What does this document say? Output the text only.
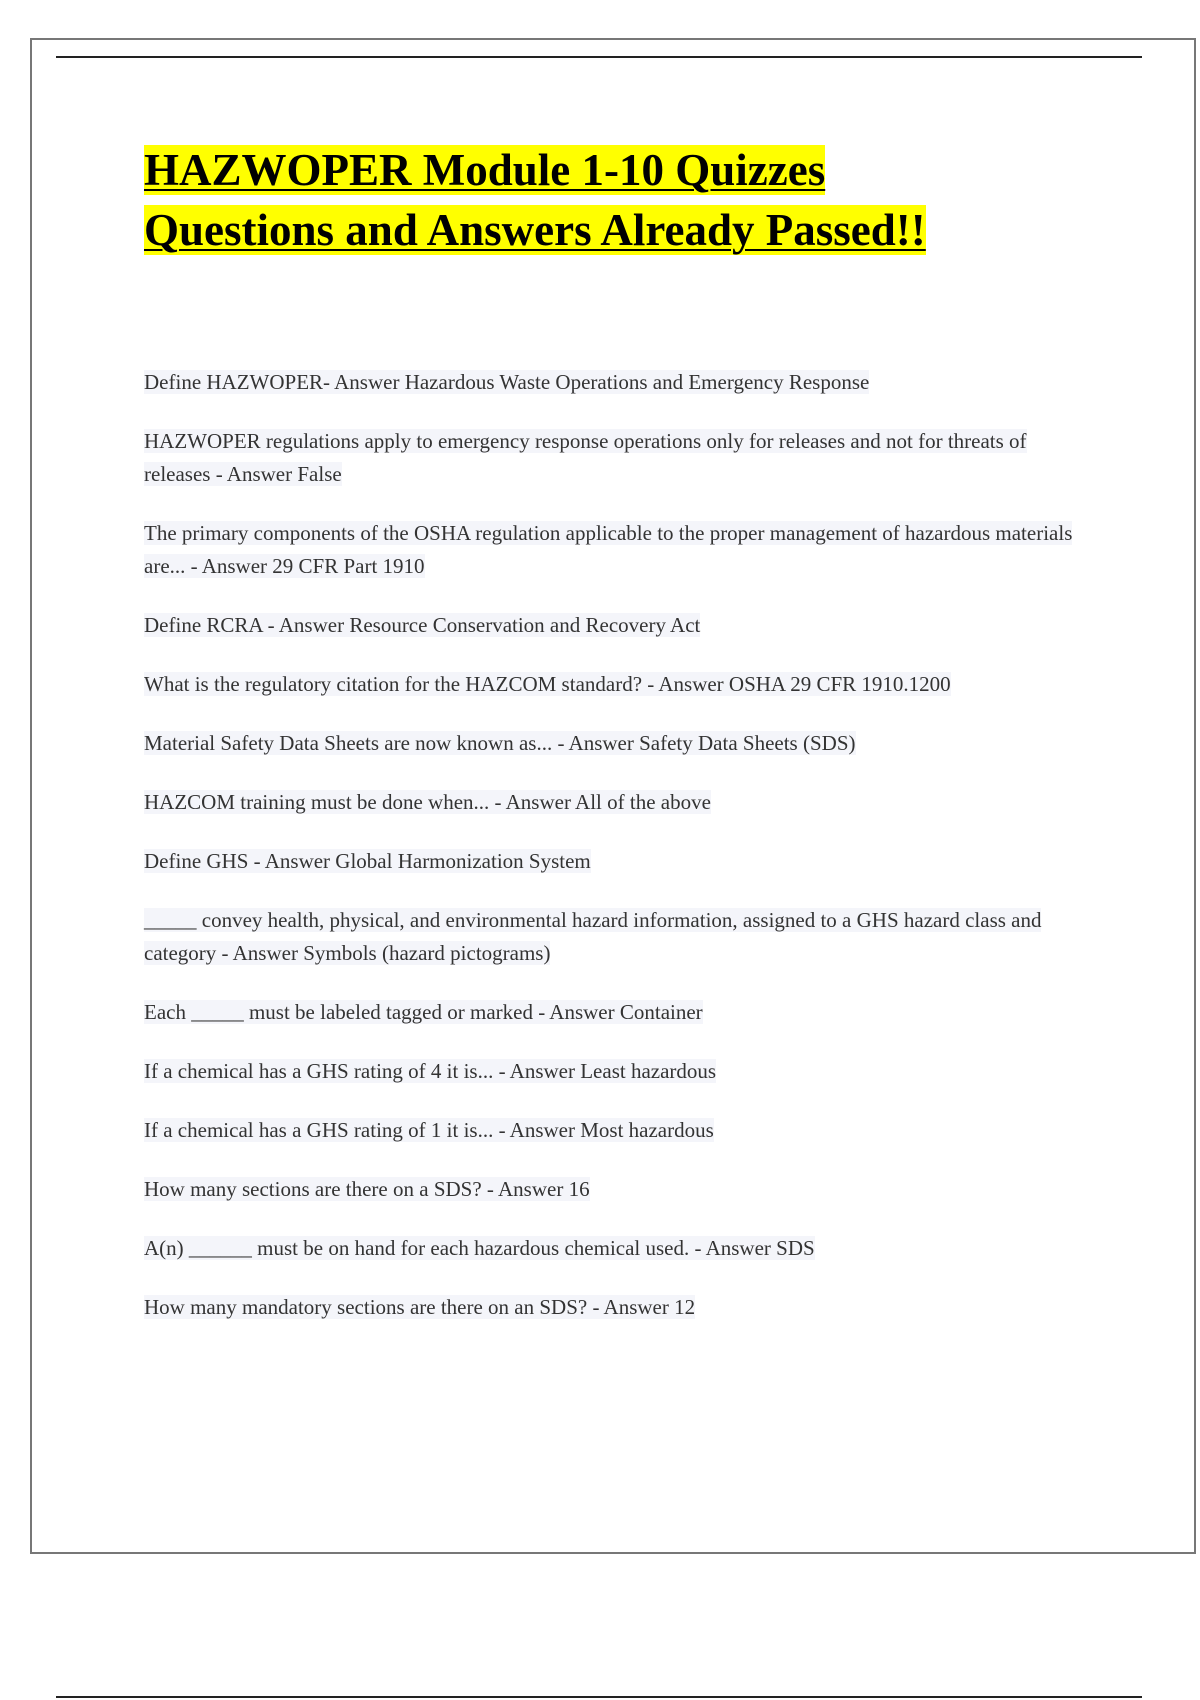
HAZWOPER Module 1-10 Quizzes
Questions and Answers Already Passed!!
Define HAZWOPER- Answer Hazardous Waste Operations and Emergency Response
HAZWOPER regulations apply to emergency response operations only for releases and not for threats of releases - Answer False
The primary components of the OSHA regulation applicable to the proper management of hazardous materials are... - Answer 29 CFR Part 1910
Define RCRA - Answer Resource Conservation and Recovery Act
What is the regulatory citation for the HAZCOM standard? - Answer OSHA 29 CFR 1910.1200
Material Safety Data Sheets are now known as... - Answer Safety Data Sheets (SDS)
HAZCOM training must be done when... - Answer All of the above
Define GHS - Answer Global Harmonization System
_____ convey health, physical, and environmental hazard information, assigned to a GHS hazard class and category - Answer Symbols (hazard pictograms)
Each _____ must be labeled tagged or marked - Answer Container
If a chemical has a GHS rating of 4 it is... - Answer Least hazardous
If a chemical has a GHS rating of 1 it is... - Answer Most hazardous
How many sections are there on a SDS? - Answer 16
A(n) ______ must be on hand for each hazardous chemical used. - Answer SDS
How many mandatory sections are there on an SDS? - Answer 12
